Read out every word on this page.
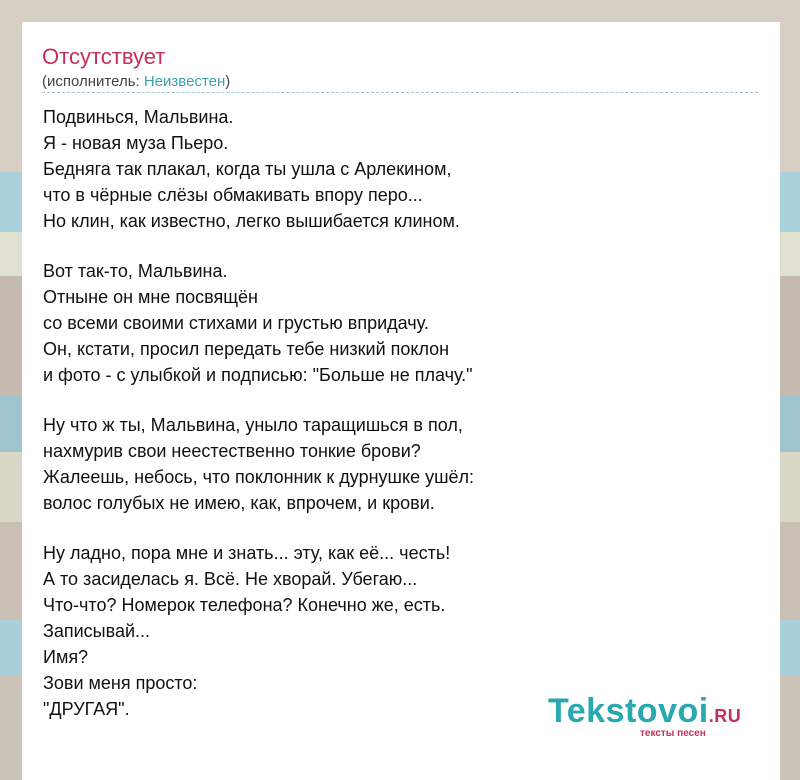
Отсутствует
(исполнитель: Неизвестен)
Подвинься, Мальвина.
Я - новая муза Пьеро.
Бедняга так плакал, когда ты ушла с Арлекином,
что в чёрные слёзы обмакивать впору перо...
Но клин, как известно, легко вышибается клином.
Вот так-то, Мальвина.
Отныне он мне посвящён
со всеми своими стихами и грустью впридачу.
Он, кстати, просил передать тебе низкий поклон
и фото - с улыбкой и подписью: "Больше не плачу."
Ну что ж ты, Мальвина, уныло таращишься в пол,
нахмурив свои неестественно тонкие брови?
Жалеешь, небось, что поклонник к дурнушке ушёл:
волос голубых не имею, как, впрочем, и крови.
Ну ладно, пора мне и знать... эту, как её... честь!
А то засиделась я. Всё. Не хворай. Убегаю...
Что-что? Номерок телефона? Конечно же, есть.
Записывай...
Имя?
Зови меня просто:
"ДРУГАЯ".	Tekstovoi.RU
тексты песен
